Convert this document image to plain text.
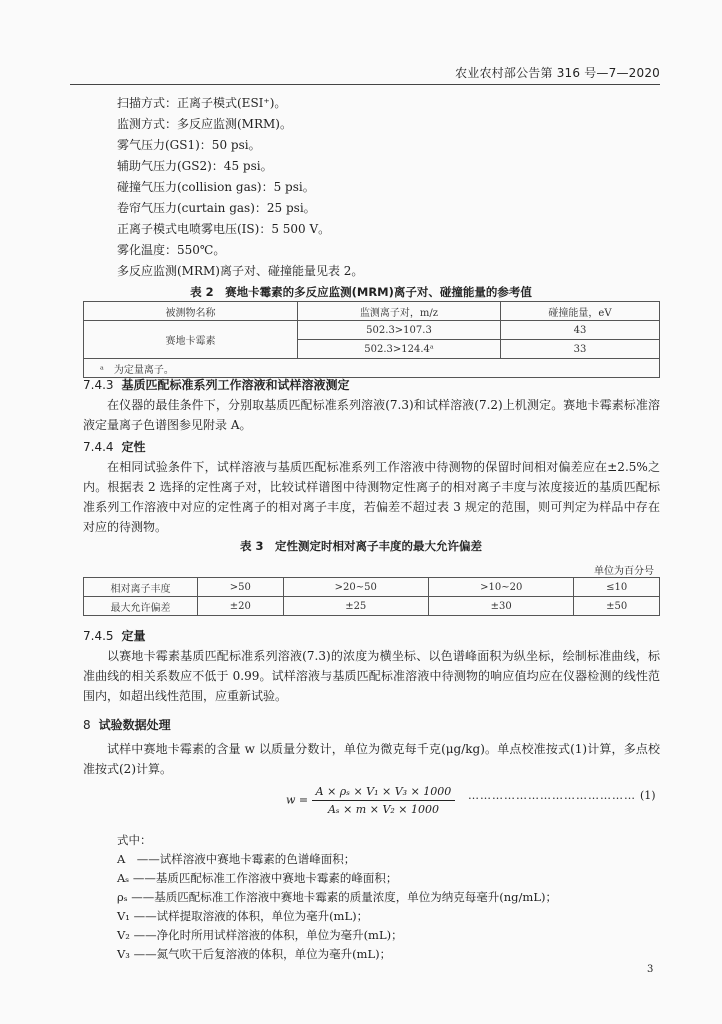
农业农村部公告第 316 号—7—2020
扫描方式：正离子模式(ESI⁺)。
监测方式：多反应监测(MRM)。
雾气压力(GS1)：50 psi。
辅助气压力(GS2)：45 psi。
碰撞气压力(collision gas)：5 psi。
卷帘气压力(curtain gas)：25 psi。
正离子模式电喷雾电压(IS)：5 500 V。
雾化温度：550℃。
多反应监测(MRM)离子对、碰撞能量见表 2。
表 2　赛地卡霉素的多反应监测(MRM)离子对、碰撞能量的参考值
被测物名称	监测离子对，m/z	碰撞能量，eV
赛地卡霉素	502.3>107.3	43
	502.3>124.4ᵃ	33
ᵃ　为定量离子。		
7.4.3 基质匹配标准系列工作溶液和试样溶液测定
在仪器的最佳条件下，分别取基质匹配标准系列溶液(7.3)和试样溶液(7.2)上机测定。赛地卡霉素标准溶液定量离子色谱图参见附录 A。
7.4.4 定性
在相同试验条件下，试样溶液与基质匹配标准系列工作溶液中待测物的保留时间相对偏差应在±2.5%之内。根据表 2 选择的定性离子对，比较试样谱图中待测物定性离子的相对离子丰度与浓度接近的基质匹配标准系列工作溶液中对应的定性离子的相对离子丰度，若偏差不超过表 3 规定的范围，则可判定为样品中存在对应的待测物。
表 3　定性测定时相对离子丰度的最大允许偏差
单位为百分号
相对离子丰度	>50	>20~50	>10~20	≤10
最大允许偏差	±20	±25	±30	±50
7.4.5 定量
以赛地卡霉素基质匹配标准系列溶液(7.3)的浓度为横坐标、以色谱峰面积为纵坐标，绘制标准曲线，标准曲线的相关系数应不低于 0.99。试样溶液与基质匹配标准溶液中待测物的响应值均应在仪器检测的线性范围内，如超出线性范围，应重新试验。
8 试验数据处理
试样中赛地卡霉素的含量 w 以质量分数计，单位为微克每千克(μg/kg)。单点校准按式(1)计算，多点校准按式(2)计算。
$w = \frac{\text{A × ρₛ × V₁ × V₃ × 1000}}{\text{Aₛ × m × V₂ × 1000}}$ …………………………………… (1)
式中：
A　——试样溶液中赛地卡霉素的色谱峰面积；
Aₛ ——基质匹配标准工作溶液中赛地卡霉素的峰面积；
ρₛ ——基质匹配标准工作溶液中赛地卡霉素的质量浓度，单位为纳克每毫升(ng/mL)；
V₁ ——试样提取溶液的体积，单位为毫升(mL)；
V₂ ——净化时所用试样溶液的体积，单位为毫升(mL)；
V₃ ——氮气吹干后复溶液的体积，单位为毫升(mL)；
3
